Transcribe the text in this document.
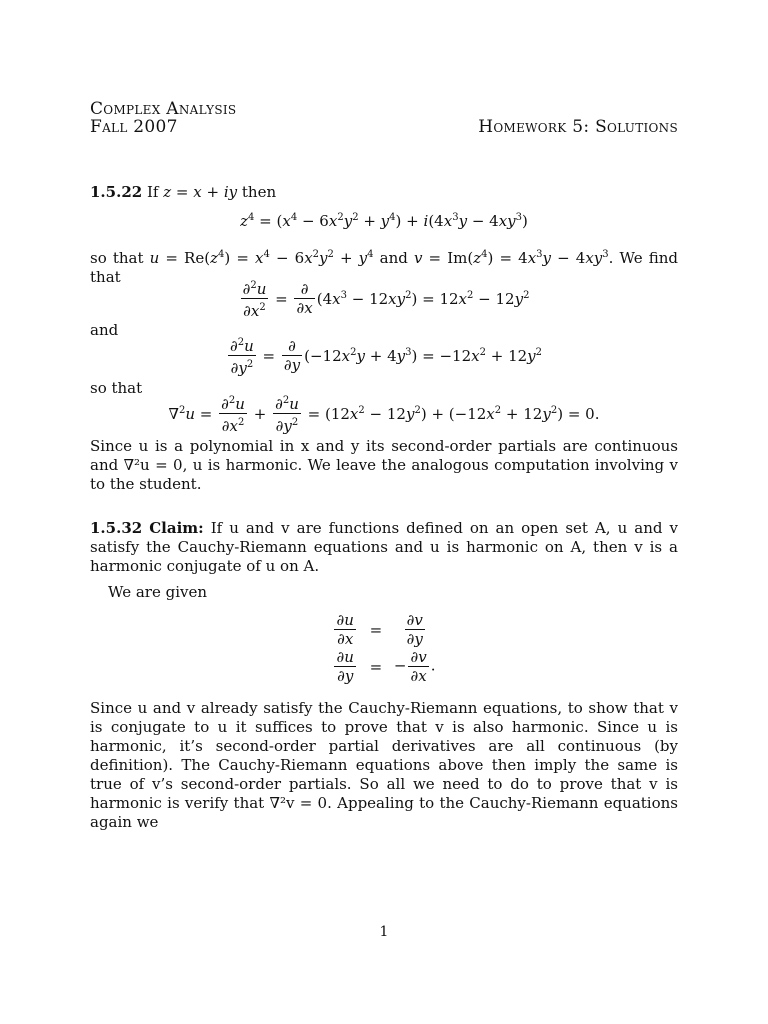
Complex Analysis
Fall 2007	Homework 5: Solutions
1.5.22 If z = x + iy then
$z^4 = (x^4 - 6x^2y^2 + y^4) + i(4x^3y - 4xy^3)$
so that $u = Re(z^4) = x^4 - 6x^2y^2 + y^4$ and $v = Im(z^4) = 4x^3y - 4xy^3$. We find that	$\frac{\partial^2u}{\partial x^2} = \frac{\partial}{\partial x} (4x^3 - 12xy^2) = 12x^2 - 12y^2$
and
$\frac{\partial^2u}{\partial y^2} = \frac{\partial}{\partial y} (-12x^2y + 4y^3) = -12x^2 + 12y^2$
so that
$\nabla^2u = \frac{\partial^2u}{\partial x^2} + \frac{\partial^2u}{\partial y^2} = (12x^2 - 12y^2) + (-12x^2 + 12y^2) = 0$.
Since u is a polynomial in x and y its second-order partials are continuous and ∇²u = 0, u is harmonic. We leave the analogous computation involving v to the student.
1.5.32 Claim: If u and v are functions defined on an open set A, u and v satisfy the Cauchy-Riemann equations and u is harmonic on A, then v is a harmonic conjugate of u on A.
We are given
$\frac{\partial u}{\partial x} = \frac{\partial v}{\partial y}$
$\frac{\partial u}{\partial y}$ = − $\frac{\partial v}{\partial x}$ .
Since u and v already satisfy the Cauchy-Riemann equations, to show that v is conjugate to u it suffices to prove that v is also harmonic. Since u is harmonic, it’s second-order partial derivatives are all continuous (by definition). The Cauchy-Riemann equations above then imply the same is true of v’s second-order partials. So all we need to do to prove that v is harmonic is verify that ∇²v = 0. Appealing to the Cauchy-Riemann equations again we
1
